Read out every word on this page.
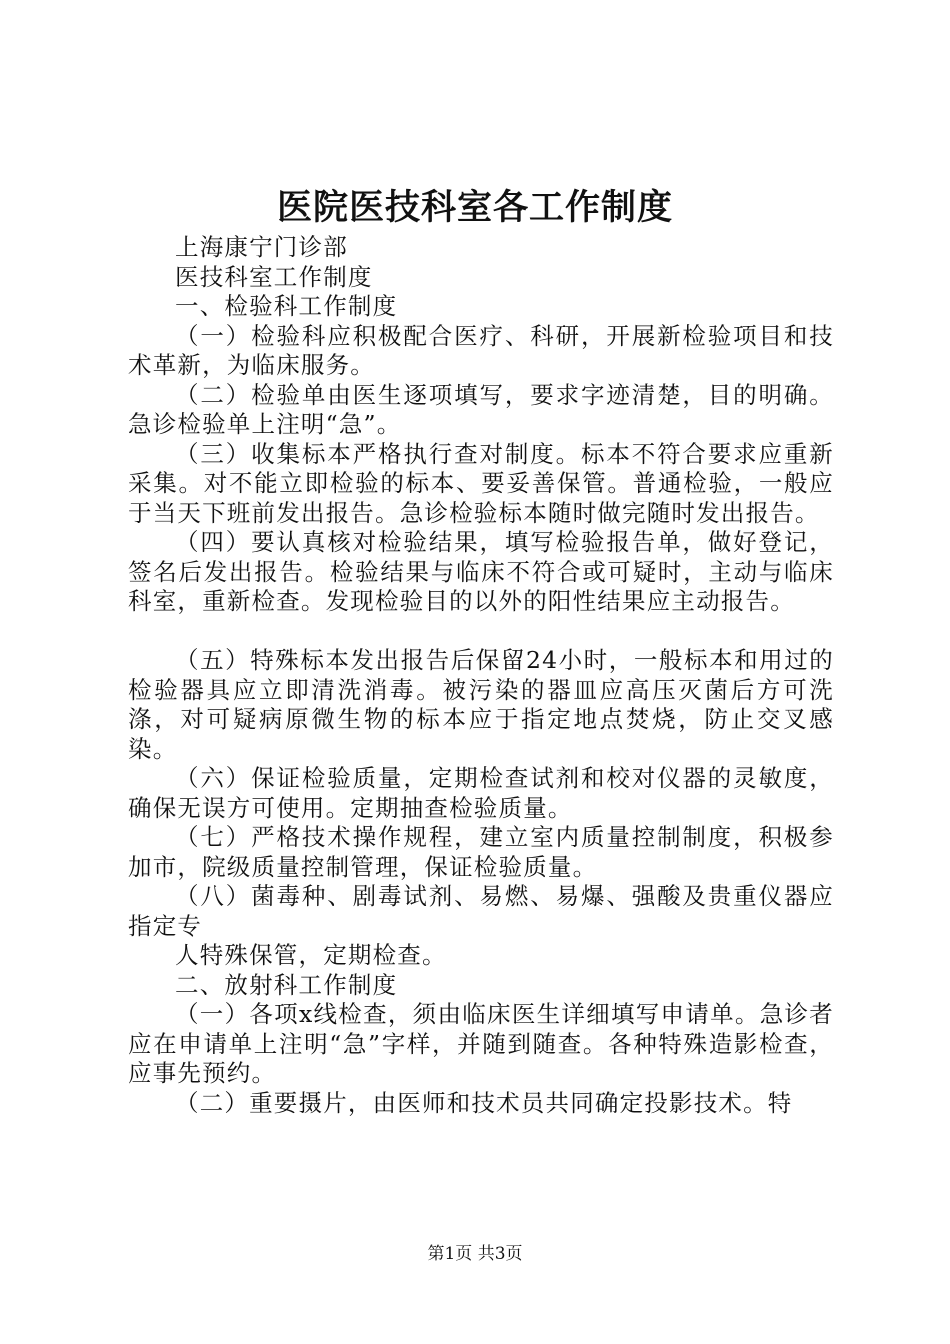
医院医技科室各工作制度

上海康宁门诊部

医技科室工作制度

一、检验科工作制度

（一）检验科应积极配合医疗、科研，开展新检验项目和技术革新，为临床服务。

（二）检验单由医生逐项填写，要求字迹清楚，目的明确。急诊检验单上注明“急”。

（三）收集标本严格执行查对制度。标本不符合要求应重新采集。对不能立即检验的标本、要妥善保管。普通检验，一般应于当天下班前发出报告。急诊检验标本随时做完随时发出报告。

（四）要认真核对检验结果，填写检验报告单，做好登记，签名后发出报告。检验结果与临床不符合或可疑时，主动与临床科室，重新检查。发现检验目的以外的阳性结果应主动报告。

（五）特殊标本发出报告后保留24小时，一般标本和用过的检验器具应立即清洗消毒。被污染的器皿应高压灭菌后方可洗涤，对可疑病原微生物的标本应于指定地点焚烧，防止交叉感染。

（六）保证检验质量，定期检查试剂和校对仪器的灵敏度，确保无误方可使用。定期抽查检验质量。

（七）严格技术操作规程，建立室内质量控制制度，积极参加市，院级质量控制管理，保证检验质量。

（八）菌毒种、剧毒试剂、易燃、易爆、强酸及贵重仪器应指定专

人特殊保管，定期检查。

二、放射科工作制度

（一）各项x线检查，须由临床医生详细填写申请单。急诊者应在申请单上注明“急”字样，并随到随查。各种特殊造影检查，应事先预约。

（二）重要摄片，由医师和技术员共同确定投影技术。特

第1页 共3页
